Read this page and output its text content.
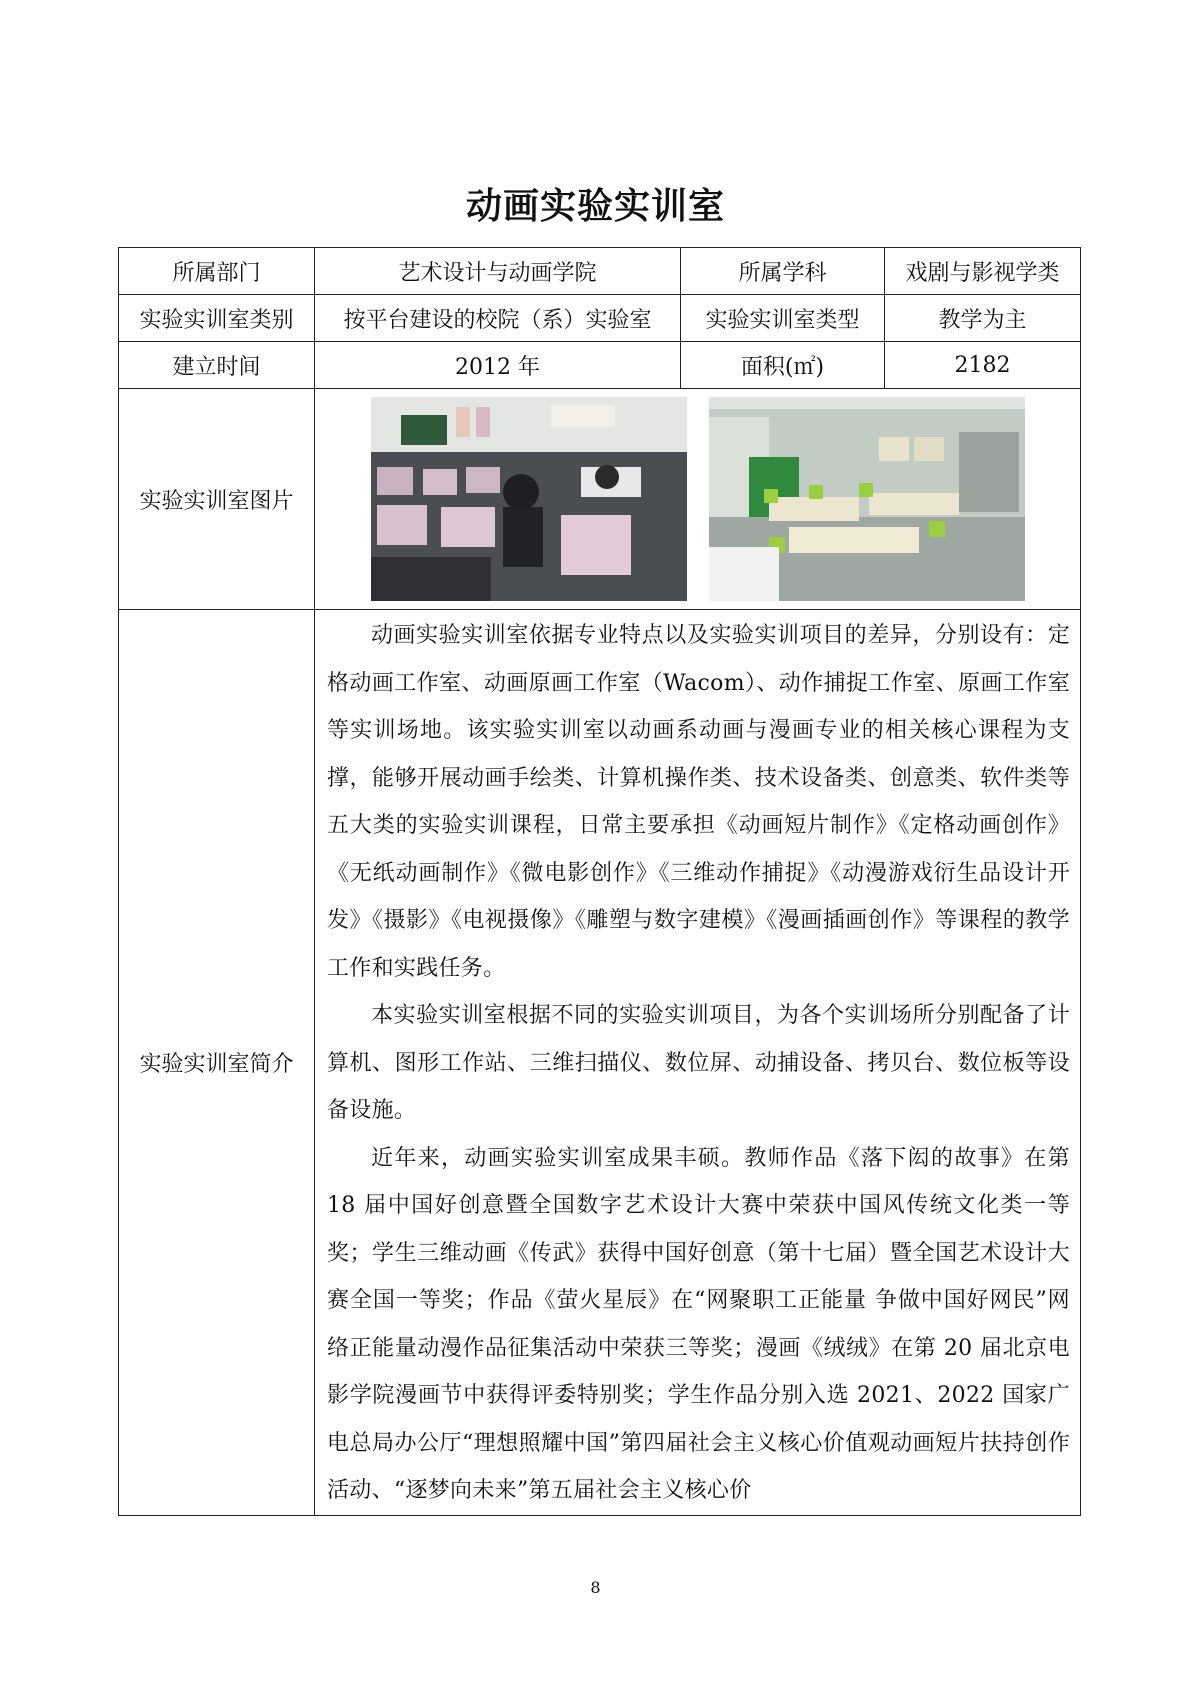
动画实验实训室
所属部门	艺术设计与动画学院	所属学科	戏剧与影视学类
实验实训室类别	按平台建设的校院（系）实验室	实验实训室类型	教学为主
建立时间	2012 年	面积(㎡)	2182
实验实训室图片	

实验实训室简介	动画实验实训室依据专业特点以及实验实训项目的差异，分别设有：定格动画工作室、动画原画工作室（Wacom）、动作捕捉工作室、原画工作室等实训场地。该实验实训室以动画系动画与漫画专业的相关核心课程为支撑，能够开展动画手绘类、计算机操作类、技术设备类、创意类、软件类等五大类的实验实训课程，日常主要承担《动画短片制作》《定格动画创作》《无纸动画制作》《微电影创作》《三维动作捕捉》《动漫游戏衍生品设计开发》《摄影》《电视摄像》《雕塑与数字建模》《漫画插画创作》等课程的教学工作和实践任务。

本实验实训室根据不同的实验实训项目，为各个实训场所分别配备了计算机、图形工作站、三维扫描仪、数位屏、动捕设备、拷贝台、数位板等设备设施。

近年来，动画实验实训室成果丰硕。教师作品《落下闳的故事》在第 18 届中国好创意暨全国数字艺术设计大赛中荣获中国风传统文化类一等奖；学生三维动画《传武》获得中国好创意（第十七届）暨全国艺术设计大赛全国一等奖；作品《萤火星辰》在“网聚职工正能量 争做中国好网民”网络正能量动漫作品征集活动中荣获三等奖；漫画《绒绒》在第 20 届北京电影学院漫画节中获得评委特别奖；学生作品分别入选 2021、2022 国家广电总局办公厅“理想照耀中国”第四届社会主义核心价值观动画短片扶持创作活动、“逐梦向未来”第五届社会主义核心价		

8
